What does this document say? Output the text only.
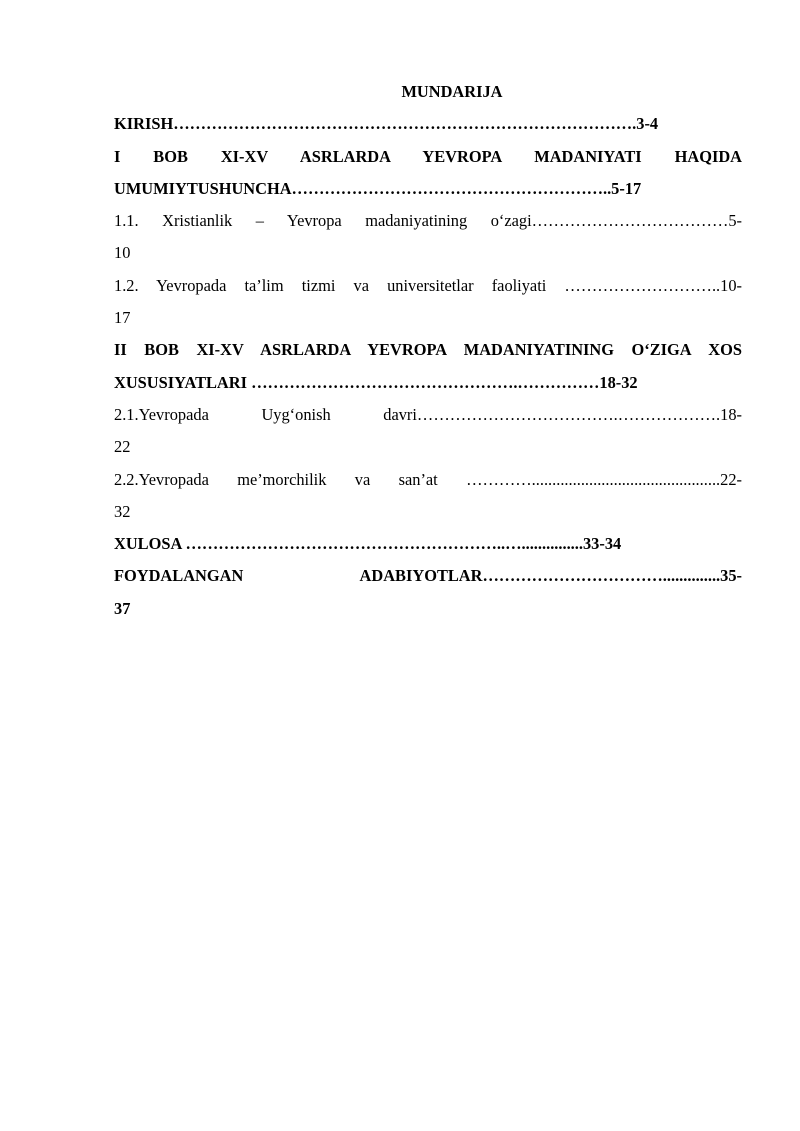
MUNDARIJA
KIRISH………………………………………………………………………….3-4
I BOB XI-XV ASRLARDA YEVROPA MADANIYATI HAQIDA
UMUMIYTUSHUNCHA…………………………………………………..5-17
1.1. Xristianlik – Yevropa madaniyatining o‘zagi………………………………5-
10
1.2. Yevropada ta’lim tizmi va universitetlar faoliyati ………………………..10-
17
II BOB XI-XV ASRLARDA YEVROPA MADANIYATINING O‘ZIGA XOS
XUSUSIYATLARI ………………………………………….……………18-32
2.1.Yevropada Uyg‘onish davri……………………………….……………….18-
22
2.2.Yevropada me’morchilik va san’at …………..............................................22-
32
XULOSA …………………………………………………..…...............33-34
FOYDALANGAN ADABIYOTLAR……………………………..............35-
37
